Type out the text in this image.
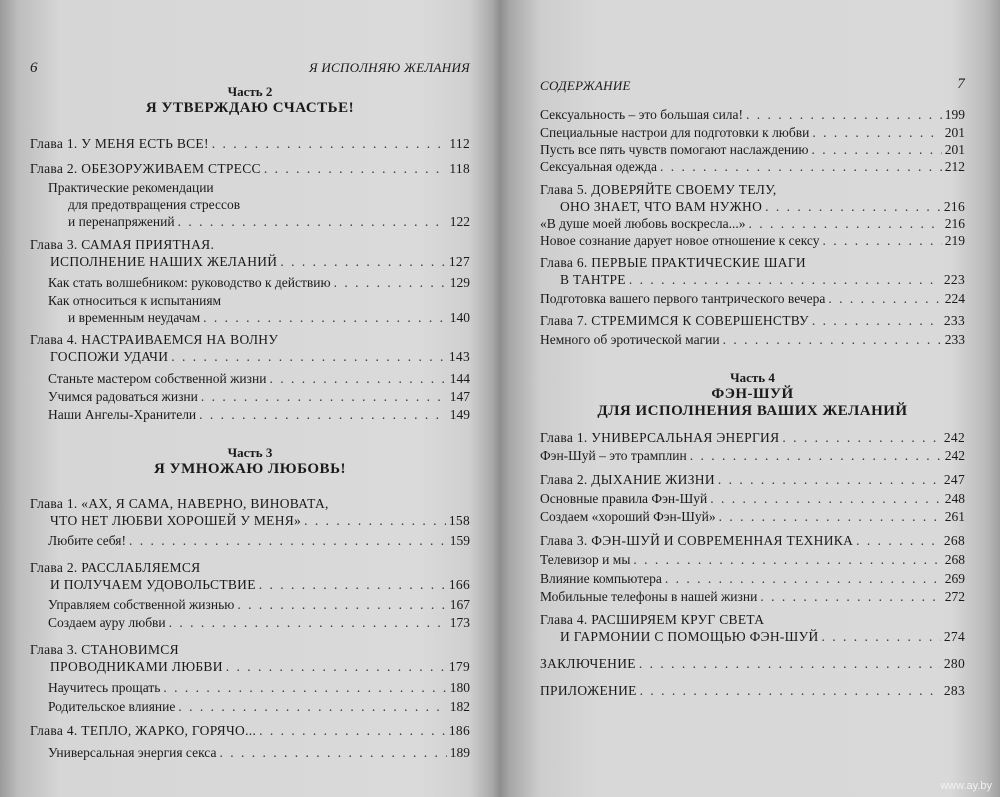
6	Я ИСПОЛНЯЮ ЖЕЛАНИЯ
Часть 2
Я УТВЕРЖДАЮ СЧАСТЬЕ!
Глава 1. У МЕНЯ ЕСТЬ ВСЕ! . . .	112
Глава 2. ОБЕЗОРУЖИВАЕМ СТРЕСС . . .	118
Практические рекомендации
для предотвращения стрессов
и перенапряжений . . .	122
Глава 3. САМАЯ ПРИЯТНАЯ.
ИСПОЛНЕНИЕ НАШИХ ЖЕЛАНИЙ . . .	127
Как стать волшебником: руководство к действию . . .	129
Как относиться к испытаниям
и временным неудачам . . .	140
Глава 4. НАСТРАИВАЕМСЯ НА ВОЛНУ
ГОСПОЖИ УДАЧИ . . .	143
Станьте мастером собственной жизни . . .	144
Учимся радоваться жизни . . .	147
Наши Ангелы-Хранители . . .	149
Часть 3
Я УМНОЖАЮ ЛЮБОВЬ!
Глава 1. «АХ, Я САМА, НАВЕРНО, ВИНОВАТА,
ЧТО НЕТ ЛЮБВИ ХОРОШЕЙ У МЕНЯ» . . .	158
Любите себя! . . .	159
Глава 2. РАССЛАБЛЯЕМСЯ
И ПОЛУЧАЕМ УДОВОЛЬСТВИЕ . . .	166
Управляем собственной жизнью . . .	167
Создаем ауру любви . . .	173
Глава 3. СТАНОВИМСЯ
ПРОВОДНИКАМИ ЛЮБВИ . . .	179
Научитесь прощать . . .	180
Родительское влияние . . .	182
Глава 4. ТЕПЛО, ЖАРКО, ГОРЯЧО... . . .	186
Универсальная энергия секса . . .	189
СОДЕРЖАНИЕ	7
Сексуальность – это большая сила! . . .	199
Специальные настрои для подготовки к любви . . .	201
Пусть все пять чувств помогают наслаждению . . .	201
Сексуальная одежда . . .	212
Глава 5. ДОВЕРЯЙТЕ СВОЕМУ ТЕЛУ,
ОНО ЗНАЕТ, ЧТО ВАМ НУЖНО . . .	216
«В душе моей любовь воскресла...» . . .	216
Новое сознание дарует новое отношение к сексу . . .	219
Глава 6. ПЕРВЫЕ ПРАКТИЧЕСКИЕ ШАГИ
В ТАНТРЕ . . .	223
Подготовка вашего первого тантрического вечера . . .	224
Глава 7. СТРЕМИМСЯ К СОВЕРШЕНСТВУ . . .	233
Немного об эротической магии . . .	233
Часть 4
ФЭН-ШУЙ
ДЛЯ ИСПОЛНЕНИЯ ВАШИХ ЖЕЛАНИЙ
Глава 1. УНИВЕРСАЛЬНАЯ ЭНЕРГИЯ . . .	242
Фэн-Шуй – это трамплин . . .	242
Глава 2. ДЫХАНИЕ ЖИЗНИ . . .	247
Основные правила Фэн-Шуй . . .	248
Создаем «хороший Фэн-Шуй» . . .	261
Глава 3. ФЭН-ШУЙ И СОВРЕМЕННАЯ ТЕХНИКА . . .	268
Телевизор и мы . . .	268
Влияние компьютера . . .	269
Мобильные телефоны в нашей жизни . . .	272
Глава 4. РАСШИРЯЕМ КРУГ СВЕТА
И ГАРМОНИИ С ПОМОЩЬЮ ФЭН-ШУЙ . . .	274
ЗАКЛЮЧЕНИЕ . . .	280
ПРИЛОЖЕНИЕ . . .	283
www.ay.by
